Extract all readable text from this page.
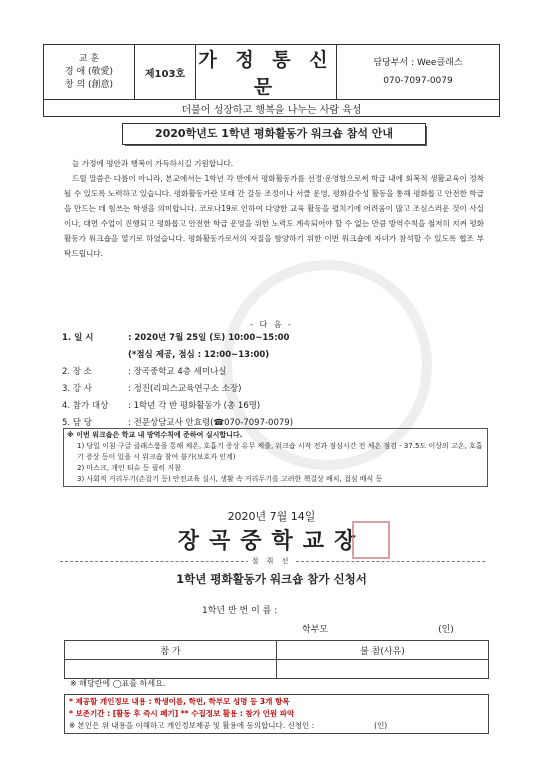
교 훈
경 애 (敬愛)
창 의 (創意)
	제103호	가 정 통 신 문	
담당부서 : Wee클래스
070-7097-0079

더불어 성장하고 행복을 나누는 사람 육성
2020학년도 1학년 평화활동가 워크숍 참석 안내

늘 가정에 평안과 행복이 가득하시길 기원합니다.

드릴 말씀은 다름이 아니라, 본교에서는 1학년 각 반에서 평화활동가를 선정·운영함으로써 학급 내에 회복적 생활교육이 정착될 수 있도록 노력하고 있습니다. 평화활동가란 또래 간 갈등 조정이나 서클 운영, 평화감수성 활동을 통해 평화롭고 안전한 학급을 만드는 데 힘쓰는 학생을 의미합니다. 코로나19로 인하여 다양한 교육 활동을 펼치기에 어려움이 많고 조심스러운 것이 사실이나, 대면 수업이 진행되고 평화롭고 안전한 학급 운영을 위한 노력도 계속되어야 할 수 없는 만큼 방역수칙을 철저히 지켜 평화활동가 워크숍을 열기로 하였습니다. 평화활동가로서의 자질을 함양하기 위한 이번 워크숍에 자녀가 참석할 수 있도록 협조 부탁드립니다.

- 다 음 -
1. 일 시	: 2020년 7월 25일 (토) 10:00~15:00
(*점심 제공, 점심 : 12:00~13:00)
2. 장 소	: 장곡중학교 4층 세미나실
3. 강 사	: 정진(리피스교육연구소 소장)
4. 참가 대상 : 1학년 각 반 평화활동가 (총 16명)
5. 담 당	: 전문상담교사 안효령(☎070-7097-0079)
※ 이번 워크숍은 학교 내 방역수칙에 준하여 실시합니다.
1) 당일 이침 구글 클래스룸을 통해 체온, 호흡기 증상 유무 체출, 워크숍 시작 전과 점심시간 전 체온 점검 - 37.5도 이상의 고온, 호흡기 증상 등이 있을 시 워크숍 참여 불가(보호자 인계)
2) 마스크, 개인 티슈 등 필히 지참
3) 사회적 거리두기(손잡기 등) 안전교육 실시, 생활 속 거리두기를 고려한 책걸상 배치, 접심 배식 등
2020년 7월 14일
장곡중학교장
절 취 선
1학년 평화활동가 워크숍 참가 신청서
1학년 반 번 이 름 :
학부모	(인)
참 가	불 참(사유)

※ 해당란에 ◯표를 하세요.
* 제공할 개인정보 내용 : 학생이름, 학번, 학부모 성명 등 3개 항목
* 보존기간 : [활동 후 즉시 폐기] ** 수집정보 활용 : 참가 인원 파악
※ 본인은 위 내용을 이해하고 개인정보제공 및 활용에 동의합니다. 신청인 :	(인)
